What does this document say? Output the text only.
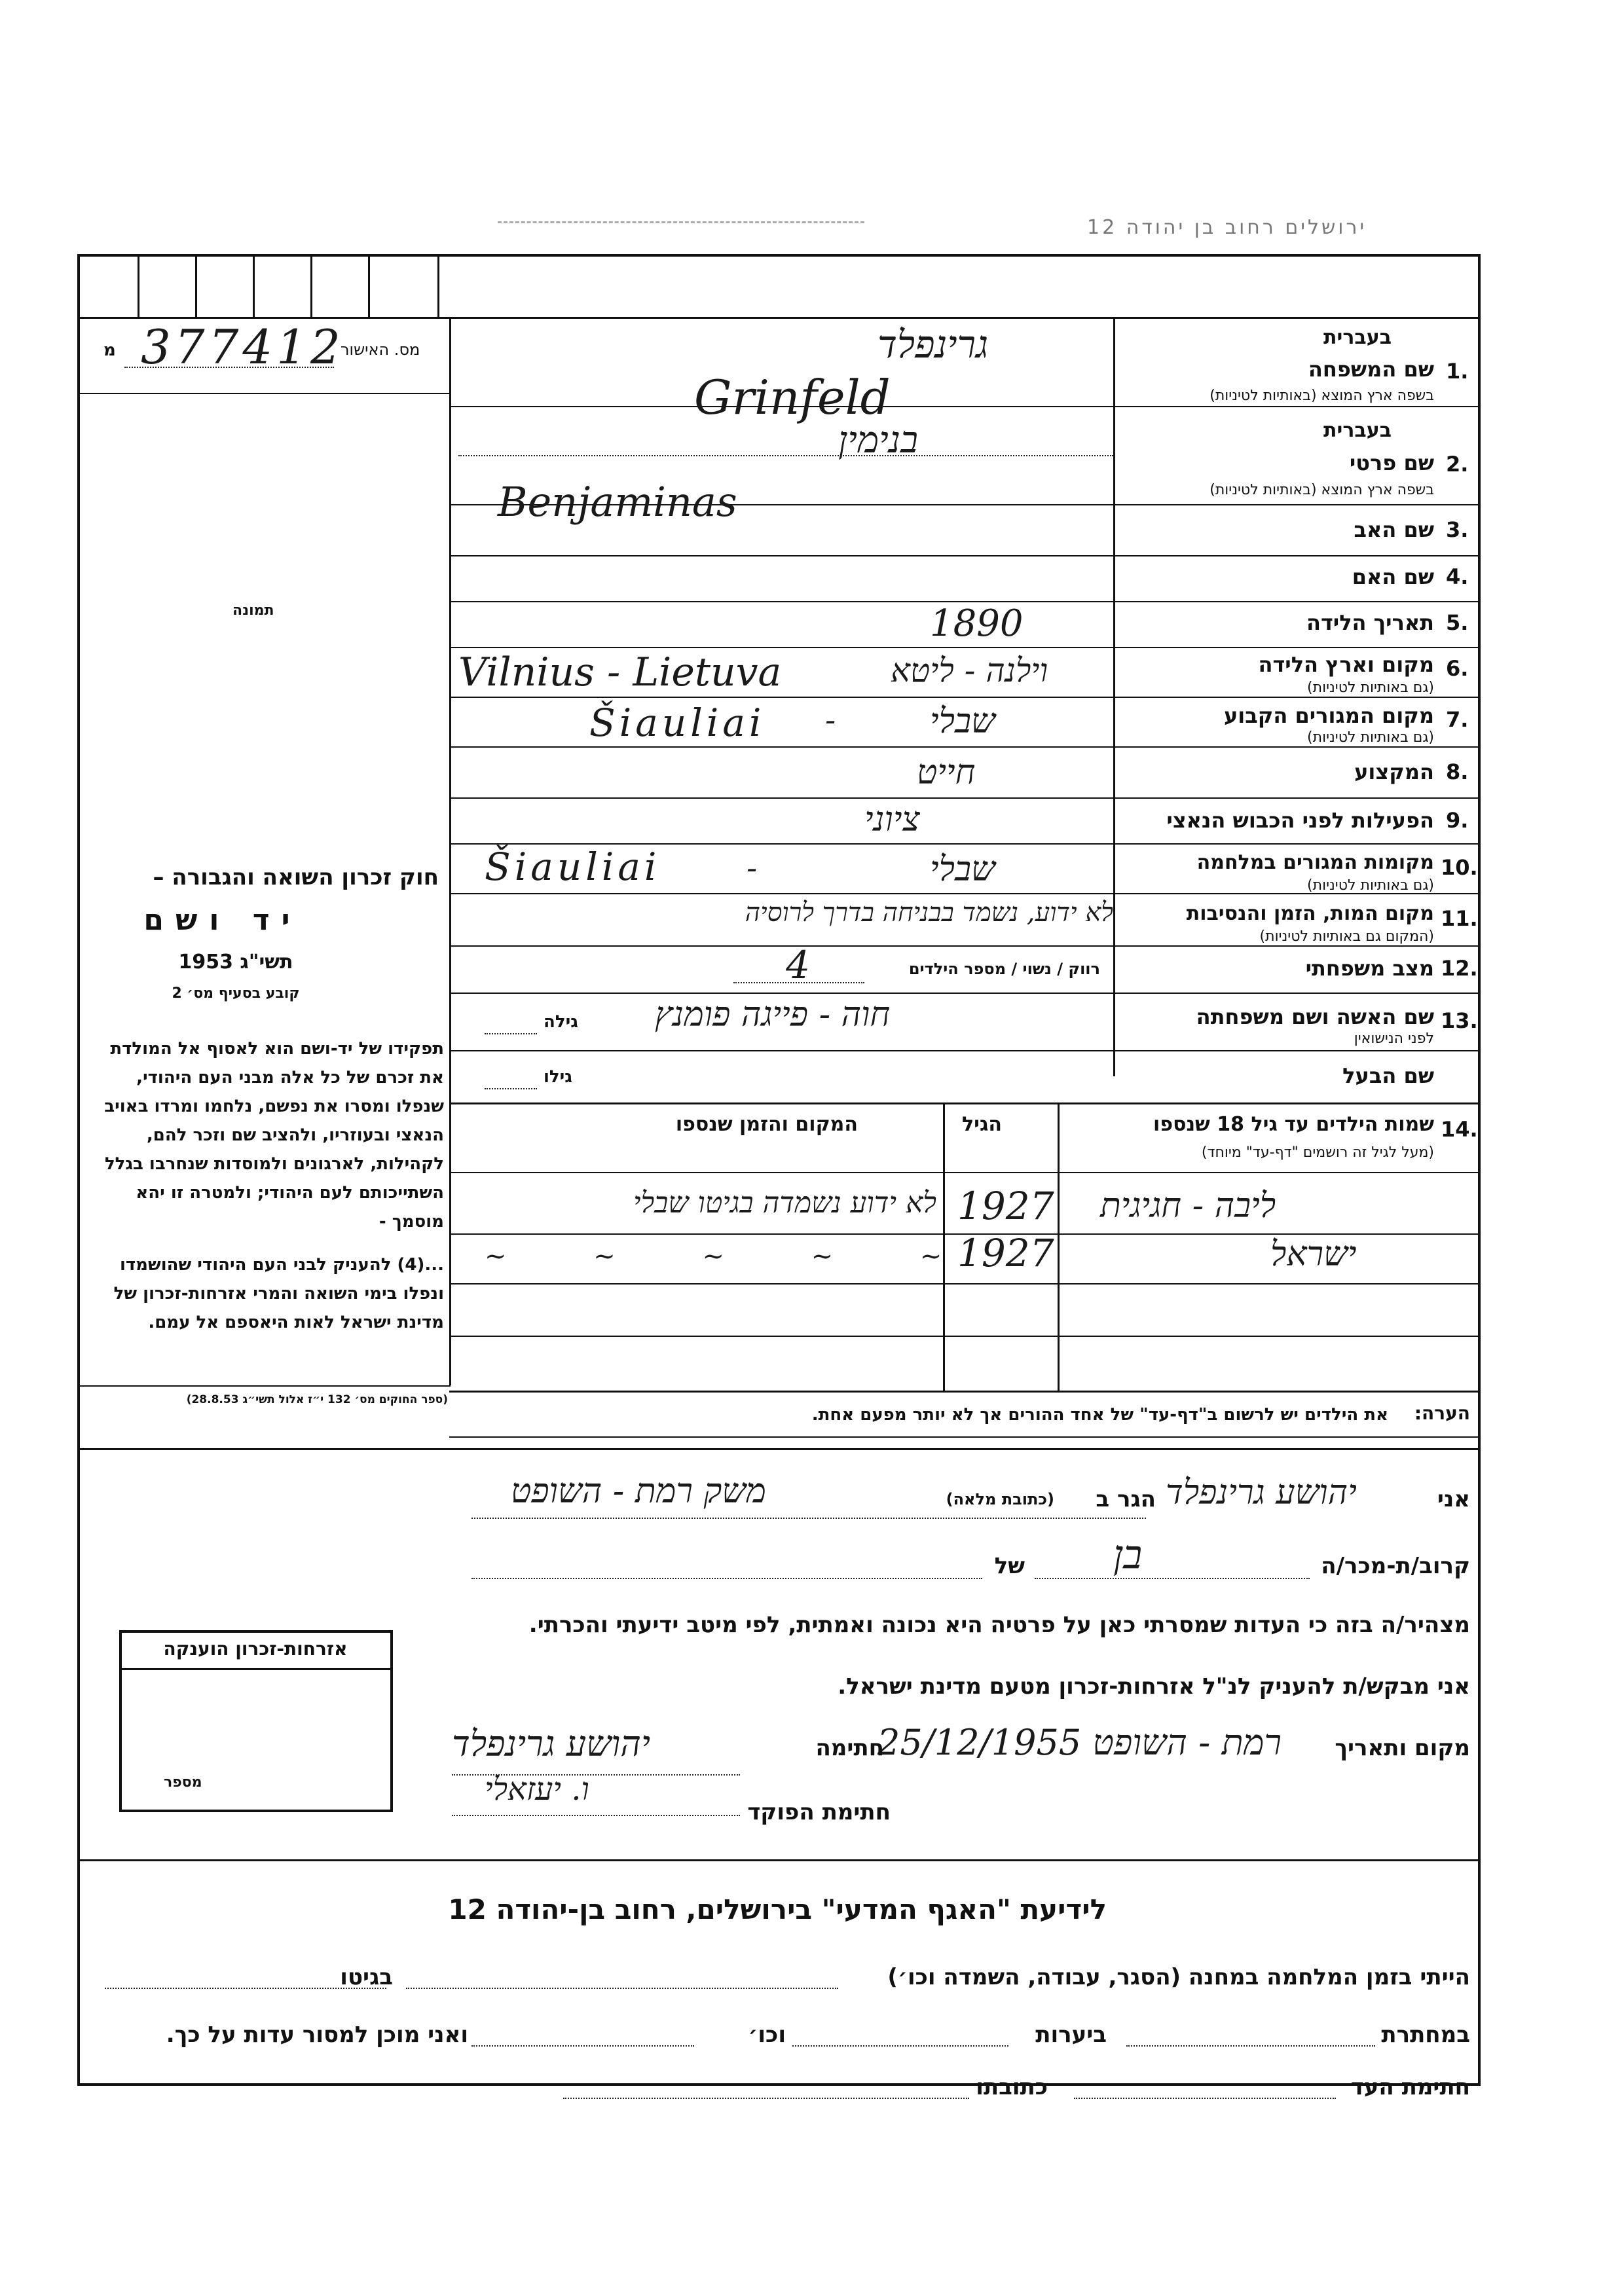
ירושלים רחוב בן יהודה 12
מ	מס. האישור
377412
תמונה
חוק זכרון השואה והגבורה –
יד ושם
תשי"ג 1953
קובע בסעיף מס׳ 2
תפקידו של יד-ושם הוא לאסוף אל המולדת את זכרם של כל אלה מבני העם היהודי, שנפלו ומסרו את נפשם, נלחמו ומרדו באויב הנאצי ובעוזריו, ולהציב שם וזכר להם, לקהילות, לארגונים ולמוסדות שנחרבו בגלל השתייכותם לעם היהודי; ולמטרה זו יהא מוסמך -
...(4) להעניק לבני העם היהודי שהושמדו ונפלו בימי השואה והמרי אזרחות-זכרון של מדינת ישראל לאות היאספם אל עמם.
(ספר החוקים מס׳ 132 י״ז אלול תשי״ג 28.8.53)
בעברית
1.
שם המשפחה
בשפה ארץ המוצא (באותיות לטיניות)
גרינפלד
Grinfeld
בעברית
2.
שם פרטי
בשפה ארץ המוצא (באותיות לטיניות)
בנימין
Benjaminas
3.
שם האב
4.
שם האם
5.
תאריך הלידה
1890
6.
מקום וארץ הלידה
(גם באותיות לטיניות)
וילנה - ליטא
Vilnius - Lietuva
7.
מקום המגורים הקבוע
(גם באותיות לטיניות)
שבלי
Šiauliai -
8.
המקצוע
חייט
9.
הפעילות לפני הכבוש הנאצי
ציוני
10.
מקומות המגורים במלחמה
(גם באותיות לטיניות)
שבלי
Šiauliai	-
11.
מקום המות, הזמן והנסיבות
(המקום גם באותיות לטיניות)
לא ידוע, נשמד בבניחה בדרך לרוסיה
12.
מצב משפחתי
רווק / נשוי / מספר הילדים
4
13.
שם האשה ושם משפחתה
לפני הנישואין
גילה חוה - פייגה פומנץ
שם הבעל
גילו
14.
שמות הילדים עד גיל 18 שנספו
(מעל לגיל זה רושמים "דף-עד" מיוחד)
הגיל
המקום והזמן שנספו
ליבה - חגיגית
1927
לא ידוע נשמדה בגיטו שבלי
ישראל
1927
~ ~ ~ ~ ~
הערה:
את הילדים יש לרשום ב"דף-עד" של אחד ההורים אך לא יותר מפעם אחת.
אני
יהושע גרינפלד
הגר ב
(כתובת מלאה)
משק רמת - השופט
קרוב/ת-מכר/ה
בן
של
מצהיר/ה בזה כי העדות שמסרתי כאן על פרטיה היא נכונה ואמתית, לפי מיטב ידיעתי והכרתי.
אני מבקש/ת להעניק לנ"ל אזרחות-זכרון מטעם מדינת ישראל.
מקום ותאריך
רמת - השופט 25/12/1955
חתימה
יהושע גרינפלד
ו. יעזאלי
חתימת הפוקד
אזרחות-זכרון הוענקה
מספר
לידיעת "האגף המדעי" בירושלים, רחוב בן-יהודה 12
הייתי בזמן המלחמה במחנה (הסגר, עבודה, השמדה וכו׳)
בגיטו
במחתרת
ביערות
וכו׳
ואני מוכן למסור עדות על כך.
חתימת העד
כתובתו
